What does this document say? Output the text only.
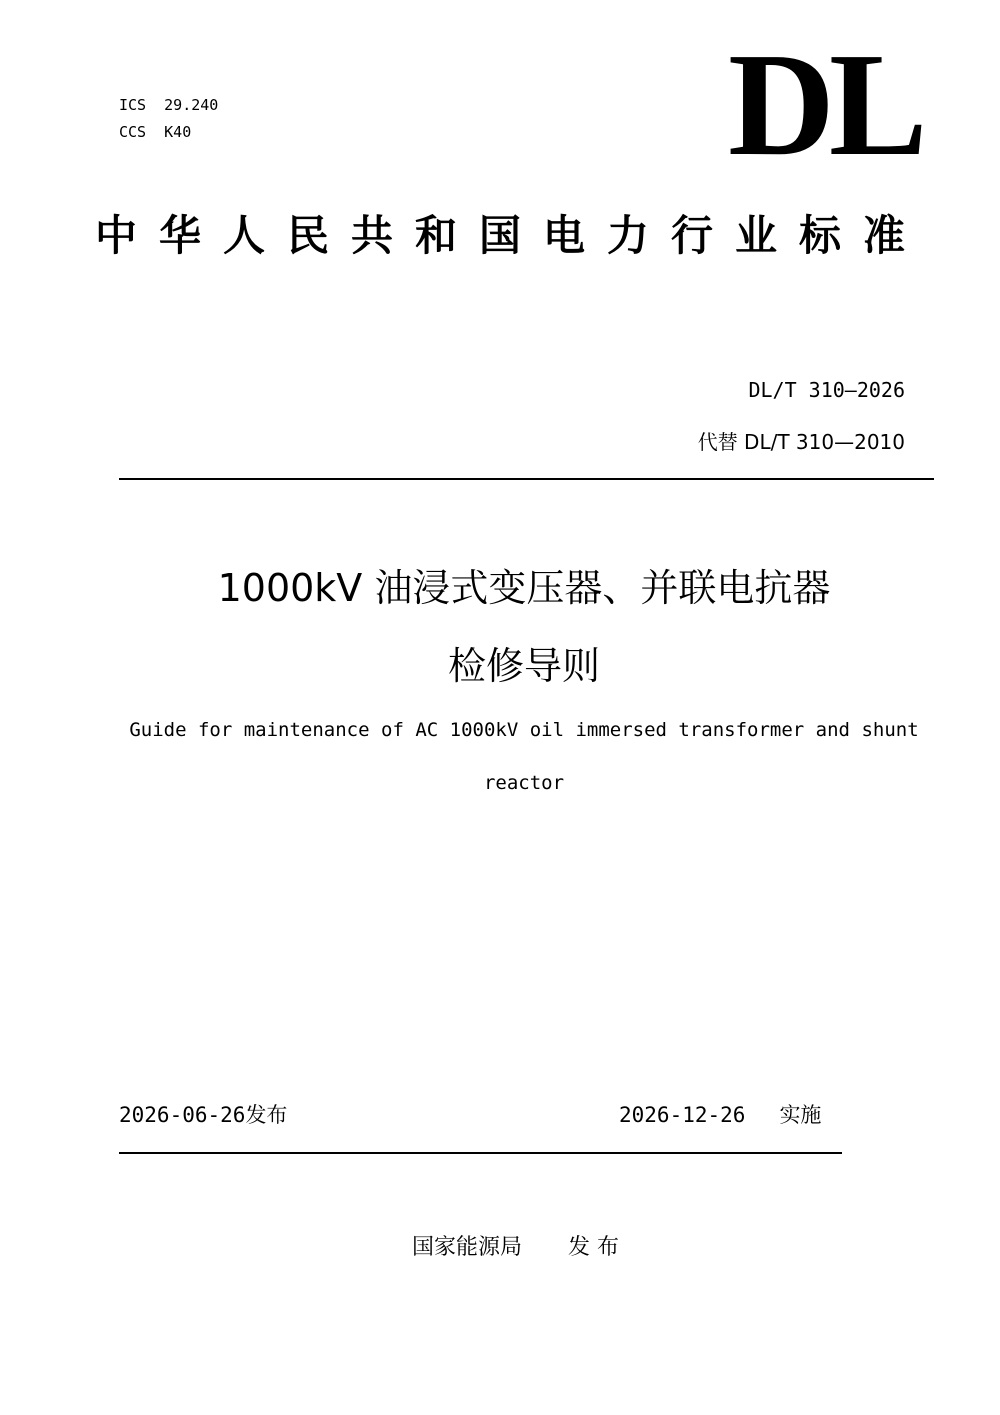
ICS  29.240
CCS  K40	DL
中华人民共和国电力行业标准
DL/T 310—2026
代替 DL/T 310—2010
1000kV 油浸式变压器、并联电抗器
检修导则
Guide for maintenance of AC 1000kV oil immersed transformer and shunt
reactor
2026-06-26发布	2026-12-26 实施
国家能源局 发 布
